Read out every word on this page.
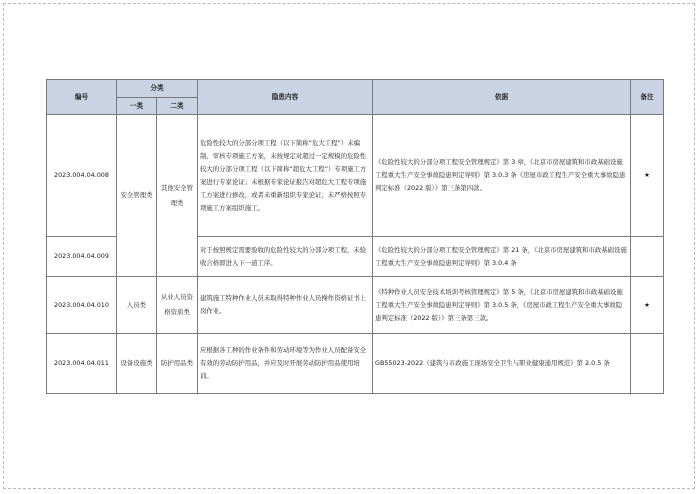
编号	分类		隐患内容	依据	备注
	一类	二类			
2023.004.04.008	安全管理类	其他安全管理类	危险性较大的分部分项工程（以下简称“危大工程”）未编制、审核专项施工方案，未按规定对超过一定规模的危险性较大的分部分项工程（以下简称“超危大工程”）专项施工方案进行专家论证；未根据专家论证报告对超危大工程专项施工方案进行修改，或者未重新组织专家论证；未严格按照专项施工方案组织施工。	《危险性较大的分部分项工程安全管理规定》第 3 章，《北京市房屋建筑和市政基础设施工程重大生产安全事故隐患判定导则》第 3.0.3 条《房屋市政工程生产安全重大事故隐患判定标准（2022 版）》第三条第四款。	★
2023.004.04.009			对于按照规定需要验收的危险性较大的分部分项工程，未验收合格即进入下一道工序。	《危险性较大的分部分项工程安全管理规定》第 21 条，《北京市房屋建筑和市政基础设施工程重大生产安全事故隐患判定导则》第 3.0.4 条	
2023.004.04.010	人员类	从业人员资格资质类	建筑施工特种作业人员未取得特种作业人员操作资格证书上岗作业。	《特种作业人员安全技术培训考核管理规定》第 5 条，《北京市房屋建筑和市政基础设施工程重大生产安全事故隐患判定导则》第 3.0.5 条，《房屋市政工程生产安全重大事故隐患判定标准（2022 版）》第三条第三款。	★
2023.004.04.011	设备设施类	防护用品类	应根据各工种的作业条件和劳动环境等为作业人员配备安全有效的劳动防护用品，并应及时开展劳动防护用品使用培训。	GB55023-2022《建筑与市政施工现场安全卫生与职业健康通用规范》第 2.0.5 条	
